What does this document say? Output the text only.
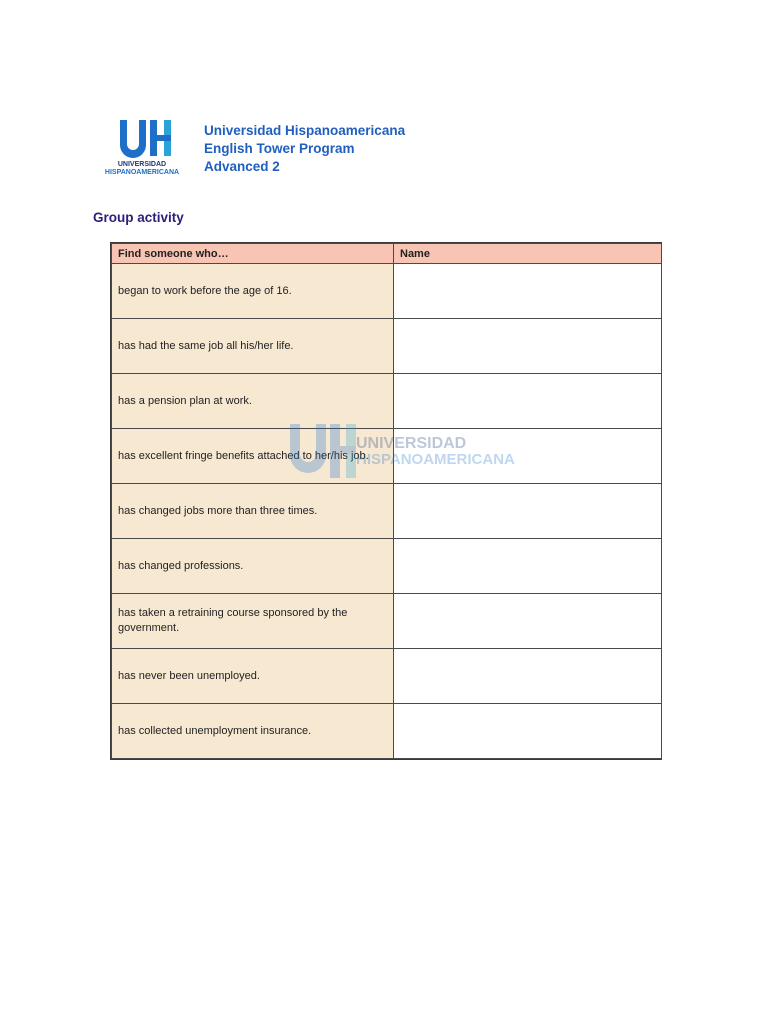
UNIVERSIDAD
HISPANOAMERICANA
Universidad Hispanoamericana
English Tower Program
Advanced 2
Group activity
Find someone who…	Name
began to work before the age of 16.	
has had the same job all his/her life.	
has a pension plan at work.	
has excellent fringe benefits attached to her/his job.	
has changed jobs more than three times.	
has changed professions.	
has taken a retraining course sponsored by the government.	
has never been unemployed.	
has collected unemployment insurance.	
UNIVERSIDAD
HISPANOAMERICANA
